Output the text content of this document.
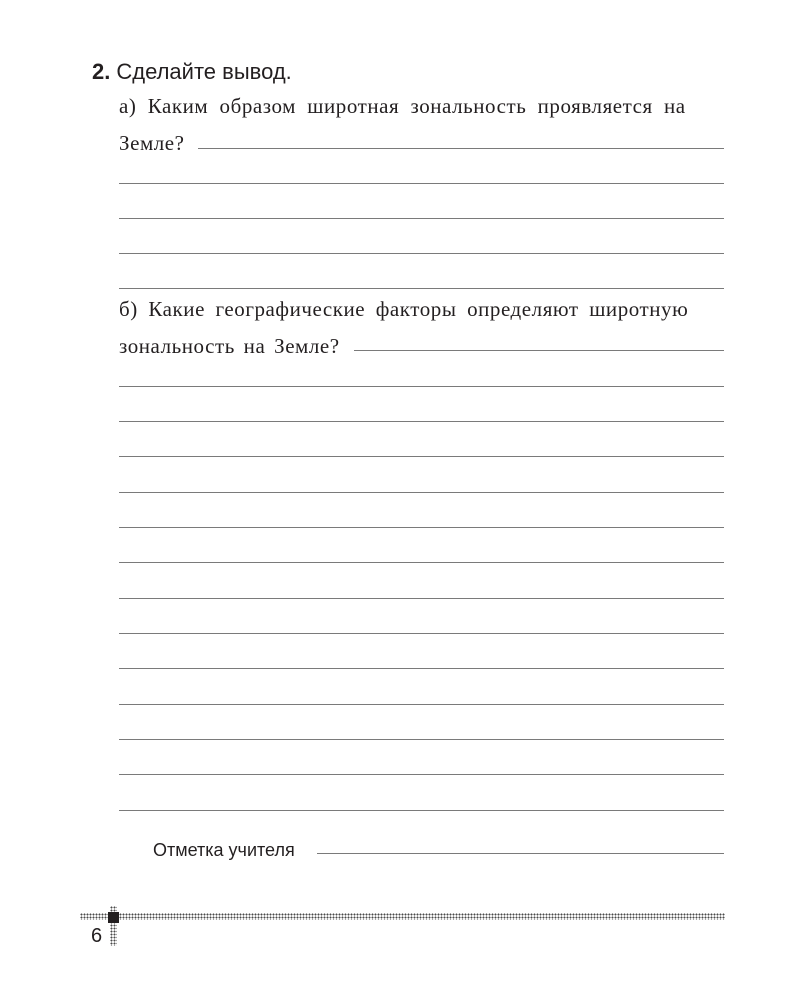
2. Сделайте вывод.
а) Каким образом широтная зональность проявляется на
Земле?
б) Какие географические факторы определяют широтную
зональность на Земле?
Отметка учителя
6
